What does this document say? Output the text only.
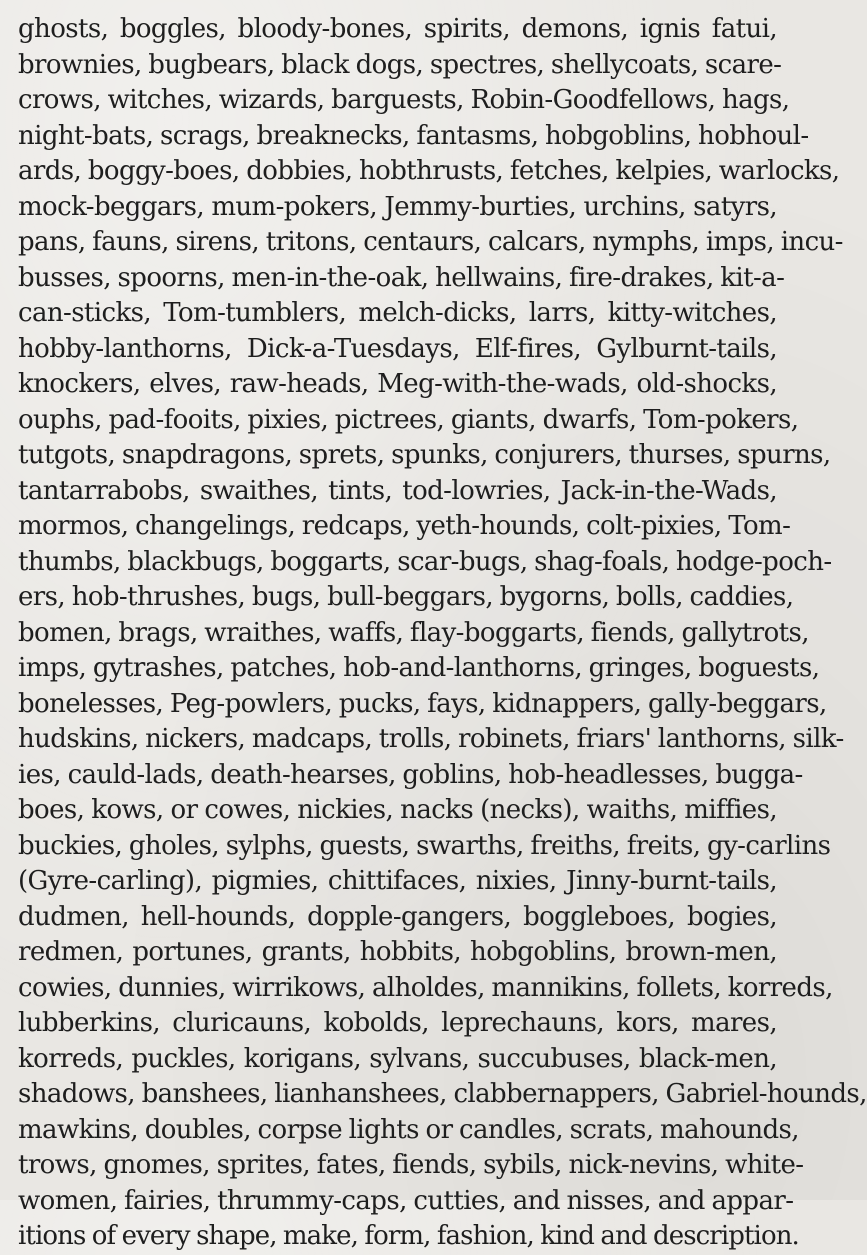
ghosts, boggles, bloody-bones, spirits, demons, ignis fatui,
brownies, bugbears, black dogs, spectres, shellycoats, scare-
crows, witches, wizards, barguests, Robin-Goodfellows, hags,
night-bats, scrags, breaknecks, fantasms, hobgoblins, hobhoul-
ards, boggy-boes, dobbies, hobthrusts, fetches, kelpies, warlocks,
mock-beggars, mum-pokers, Jemmy-burties, urchins, satyrs,
pans, fauns, sirens, tritons, centaurs, calcars, nymphs, imps, incu-
busses, spoorns, men-in-the-oak, hellwains, fire-drakes, kit-a-
can-sticks, Tom-tumblers, melch-dicks, larrs, kitty-witches,
hobby-lanthorns, Dick-a-Tuesdays, Elf-fires, Gylburnt-tails,
knockers, elves, raw-heads, Meg-with-the-wads, old-shocks,
ouphs, pad-fooits, pixies, pictrees, giants, dwarfs, Tom-pokers,
tutgots, snapdragons, sprets, spunks, conjurers, thurses, spurns,
tantarrabobs, swaithes, tints, tod-lowries, Jack-in-the-Wads,
mormos, changelings, redcaps, yeth-hounds, colt-pixies, Tom-
thumbs, blackbugs, boggarts, scar-bugs, shag-foals, hodge-poch-
ers, hob-thrushes, bugs, bull-beggars, bygorns, bolls, caddies,
bomen, brags, wraithes, waffs, flay-boggarts, fiends, gallytrots,
imps, gytrashes, patches, hob-and-lanthorns, gringes, boguests,
bonelesses, Peg-powlers, pucks, fays, kidnappers, gally-beggars,
hudskins, nickers, madcaps, trolls, robinets, friars' lanthorns, silk-
ies, cauld-lads, death-hearses, goblins, hob-headlesses, bugga-
boes, kows, or cowes, nickies, nacks (necks), waiths, miffies,
buckies, gholes, sylphs, guests, swarths, freiths, freits, gy-carlins
(Gyre-carling), pigmies, chittifaces, nixies, Jinny-burnt-tails,
dudmen, hell-hounds, dopple-gangers, boggleboes, bogies,
redmen, portunes, grants, hobbits, hobgoblins, brown-men,
cowies, dunnies, wirrikows, alholdes, mannikins, follets, korreds,
lubberkins, cluricauns, kobolds, leprechauns, kors, mares,
korreds, puckles, korigans, sylvans, succubuses, black-men,
shadows, banshees, lianhanshees, clabbernappers, Gabriel-hounds,
mawkins, doubles, corpse lights or candles, scrats, mahounds,
trows, gnomes, sprites, fates, fiends, sybils, nick-nevins, white-
women, fairies, thrummy-caps, cutties, and nisses, and appar-
itions of every shape, make, form, fashion, kind and description.
